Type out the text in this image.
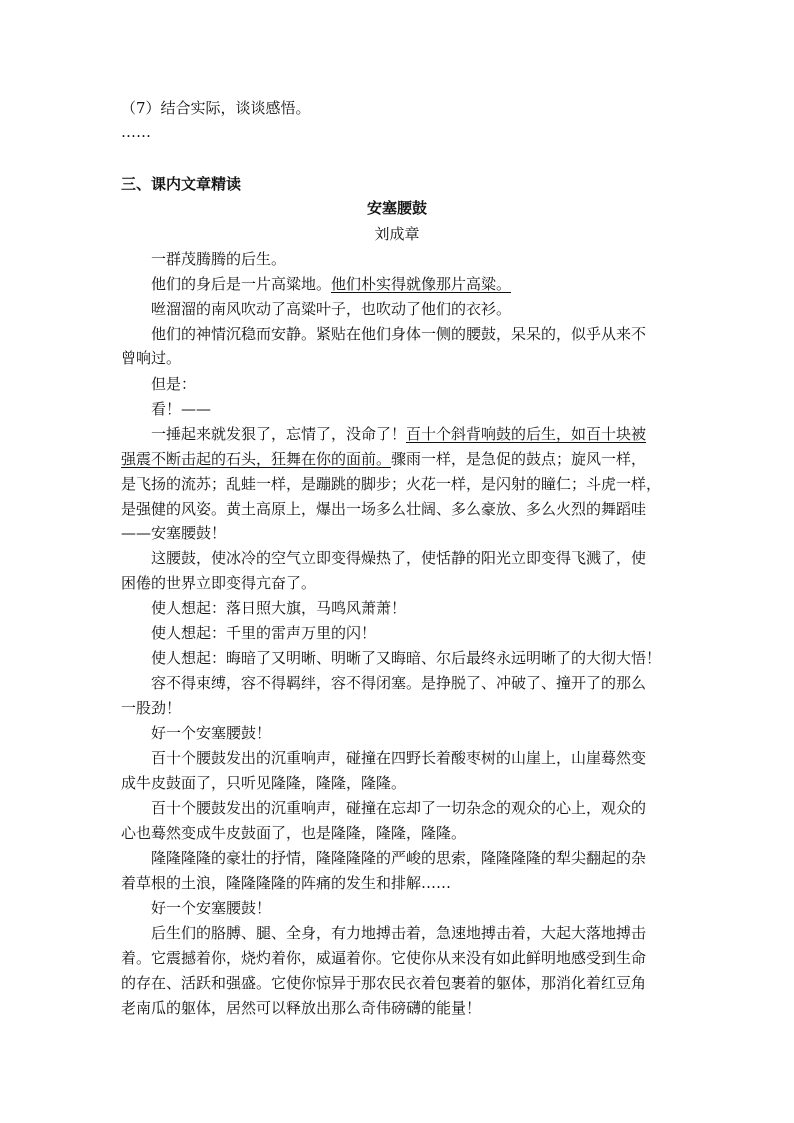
（7）结合实际，谈谈感悟。
……
三、课内文章精读
安塞腰鼓
刘成章
一群茂腾腾的后生。
他们的身后是一片高粱地。他们朴实得就像那片高粱。
咝溜溜的南风吹动了高粱叶子，也吹动了他们的衣衫。
他们的神情沉稳而安静。紧贴在他们身体一侧的腰鼓，呆呆的，似乎从来不
曾响过。
但是：
看！——
一捶起来就发狠了，忘情了，没命了！百十个斜背响鼓的后生，如百十块被
强震不断击起的石头，狂舞在你的面前。骤雨一样，是急促的鼓点；旋风一样，
是飞扬的流苏；乱蛙一样，是蹦跳的脚步；火花一样，是闪射的瞳仁；斗虎一样，
是强健的风姿。黄土高原上，爆出一场多么壮阔、多么豪放、多么火烈的舞蹈哇
——安塞腰鼓！
这腰鼓，使冰冷的空气立即变得燥热了，使恬静的阳光立即变得飞溅了，使
困倦的世界立即变得亢奋了。
使人想起：落日照大旗，马鸣风萧萧！
使人想起：千里的雷声万里的闪！
使人想起：晦暗了又明晰、明晰了又晦暗、尔后最终永远明晰了的大彻大悟！
容不得束缚，容不得羁绊，容不得闭塞。是挣脱了、冲破了、撞开了的那么
一股劲！
好一个安塞腰鼓！
百十个腰鼓发出的沉重响声，碰撞在四野长着酸枣树的山崖上，山崖蓦然变
成牛皮鼓面了，只听见隆隆，隆隆，隆隆。
百十个腰鼓发出的沉重响声，碰撞在忘却了一切杂念的观众的心上，观众的
心也蓦然变成牛皮鼓面了，也是隆隆，隆隆，隆隆。
隆隆隆隆的豪壮的抒情，隆隆隆隆的严峻的思索，隆隆隆隆的犁尖翻起的杂
着草根的土浪，隆隆隆隆的阵痛的发生和排解……
好一个安塞腰鼓！
后生们的胳膊、腿、全身，有力地搏击着，急速地搏击着，大起大落地搏击
着。它震撼着你，烧灼着你，威逼着你。它使你从来没有如此鲜明地感受到生命
的存在、活跃和强盛。它使你惊异于那农民衣着包裹着的躯体，那消化着红豆角
老南瓜的躯体，居然可以释放出那么奇伟磅礴的能量！
